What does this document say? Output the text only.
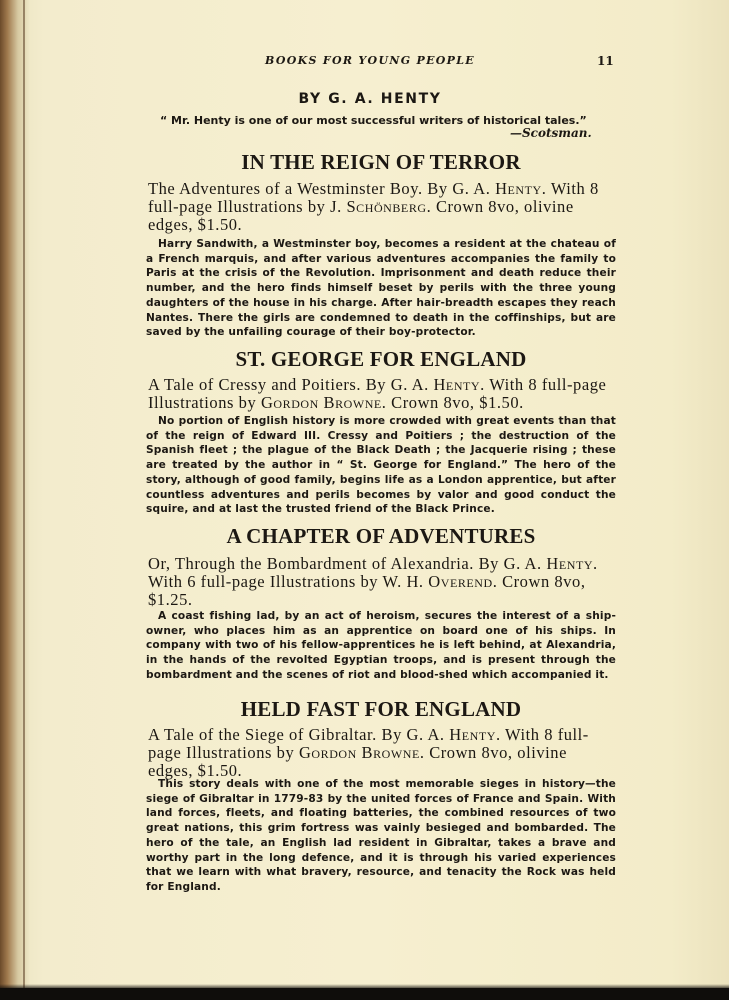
BOOKS FOR YOUNG PEOPLE	11
BY G. A. HENTY
“ Mr. Henty is one of our most successful writers of historical tales.”
—Scotsman.
IN THE REIGN OF TERROR
The Adventures of a Westminster Boy. By G. A. Henty. With 8 full-page Illustrations by J. Schönberg. Crown 8vo, olivine edges, $1.50.
Harry Sandwith, a Westminster boy, becomes a resident at the chateau of a French marquis, and after various adventures accompanies the family to Paris at the crisis of the Revolution. Imprisonment and death reduce their number, and the hero finds himself beset by perils with the three young daughters of the house in his charge. After hair-breadth escapes they reach Nantes. There the girls are condemned to death in the coffinships, but are saved by the unfailing courage of their boy-protector.
ST. GEORGE FOR ENGLAND
A Tale of Cressy and Poitiers. By G. A. Henty. With 8 full-page Illustrations by Gordon Browne. Crown 8vo, $1.50.
No portion of English history is more crowded with great events than that of the reign of Edward III. Cressy and Poitiers ; the destruction of the Spanish fleet ; the plague of the Black Death ; the Jacquerie rising ; these are treated by the author in “ St. George for England.” The hero of the story, although of good family, begins life as a London apprentice, but after countless adventures and perils becomes by valor and good conduct the squire, and at last the trusted friend of the Black Prince.
A CHAPTER OF ADVENTURES
Or, Through the Bombardment of Alexandria. By G. A. Henty. With 6 full-page Illustrations by W. H. Overend. Crown 8vo, $1.25.
A coast fishing lad, by an act of heroism, secures the interest of a ship-owner, who places him as an apprentice on board one of his ships. In company with two of his fellow-apprentices he is left behind, at Alexandria, in the hands of the revolted Egyptian troops, and is present through the bombardment and the scenes of riot and blood-shed which accompanied it.
HELD FAST FOR ENGLAND
A Tale of the Siege of Gibraltar. By G. A. Henty. With 8 full-page Illustrations by Gordon Browne. Crown 8vo, olivine edges, $1.50.
This story deals with one of the most memorable sieges in history—the siege of Gibraltar in 1779-83 by the united forces of France and Spain. With land forces, fleets, and floating batteries, the combined resources of two great nations, this grim fortress was vainly besieged and bombarded. The hero of the tale, an English lad resident in Gibraltar, takes a brave and worthy part in the long defence, and it is through his varied experiences that we learn with what bravery, resource, and tenacity the Rock was held for England.
